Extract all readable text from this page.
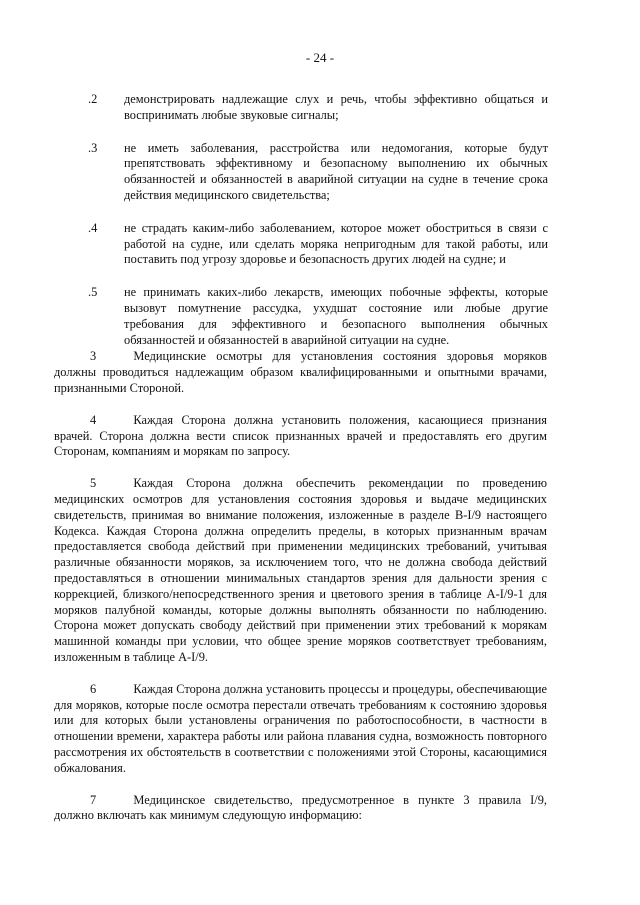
- 24 -
.2	демонстрировать надлежащие слух и речь, чтобы эффективно общаться и воспринимать любые звуковые сигналы;
.3	не иметь заболевания, расстройства или недомогания, которые будут препятствовать эффективному и безопасному выполнению их обычных обязанностей и обязанностей в аварийной ситуации на судне в течение срока действия медицинского свидетельства;
.4	не страдать каким-либо заболеванием, которое может обостриться в связи с работой на судне, или сделать моряка непригодным для такой работы, или поставить под угрозу здоровье и безопасность других людей на судне; и
.5	не принимать каких-либо лекарств, имеющих побочные эффекты, которые вызовут помутнение рассудка, ухудшат состояние или любые другие требования для эффективного и безопасного выполнения обычных обязанностей и обязанностей в аварийной ситуации на судне.

3   	Медицинские осмотры для установления состояния здоровья моряков должны проводиться надлежащим образом квалифицированными и опытными врачами, признанными Стороной.

4   	Каждая Сторона должна установить положения, касающиеся признания врачей. Сторона должна вести список признанных врачей и предоставлять его другим Сторонам, компаниям и морякам по запросу.

5   	Каждая Сторона должна обеспечить рекомендации по проведению медицинских осмотров для установления состояния здоровья и выдаче медицинских свидетельств, принимая во внимание положения, изложенные в разделе B-I/9 настоящего Кодекса. Каждая Сторона должна определить пределы, в которых признанным врачам предоставляется свобода действий при применении медицинских требований, учитывая различные обязанности моряков, за исключением того, что не должна свобода действий предоставляться в отношении минимальных стандартов зрения для дальности зрения с коррекцией, близкого/непосредственного зрения и цветового зрения в таблице A-I/9-1 для моряков палубной команды, которые должны выполнять обязанности по наблюдению. Сторона может допускать свободу действий при применении этих требований к морякам машинной команды при условии, что общее зрение моряков соответствует требованиям, изложенным в таблице A-I/9.

6   	Каждая Сторона должна установить процессы и процедуры, обеспечивающие для моряков, которые после осмотра перестали отвечать требованиям к состоянию здоровья или для которых были установлены ограничения по работоспособности, в частности в отношении времени, характера работы или района плавания судна, возможность повторного рассмотрения их обстоятельств в соответствии с положениями этой Стороны, касающимися обжалования.

7   	Медицинское свидетельство, предусмотренное в пункте 3 правила I/9, должно включать как минимум следующую информацию:
